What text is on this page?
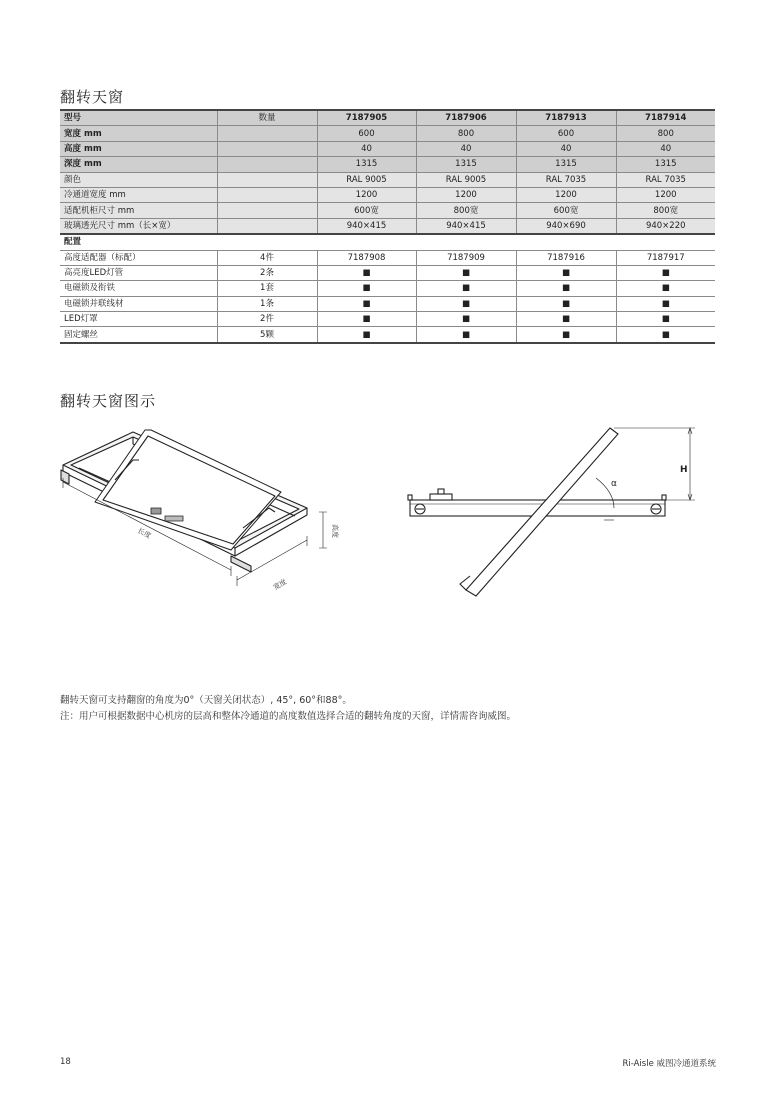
翻转天窗
型号	数量	7187905	7187906	7187913	7187914
宽度 mm		600	800	600	800
高度 mm		40	40	40	40
深度 mm		1315	1315	1315	1315
颜色		RAL 9005	RAL 9005	RAL 7035	RAL 7035
冷通道宽度 mm		1200	1200	1200	1200
适配机柜尺寸 mm		600宽	800宽	600宽	800宽
玻璃透光尺寸 mm（长×宽）		940×415	940×415	940×690	940×220
配置					
高度适配器（标配）	4件	7187908	7187909	7187916	7187917
高亮度LED灯管	2条	■	■	■	■
电磁锁及衔铁	1套	■	■	■	■
电磁锁并联线材	1条	■	■	■	■
LED灯罩	2件	■	■	■	■
固定螺丝	5颗	■	■	■	■
翻转天窗图示
长度
宽度
高度
H
α
翻转天窗可支持翻窗的角度为0°（天窗关闭状态）, 45°, 60°和88°。
注：用户可根据数据中心机房的层高和整体冷通道的高度数值选择合适的翻转角度的天窗，详情需咨询威图。
18	Ri-Aisle 威图冷通道系统
